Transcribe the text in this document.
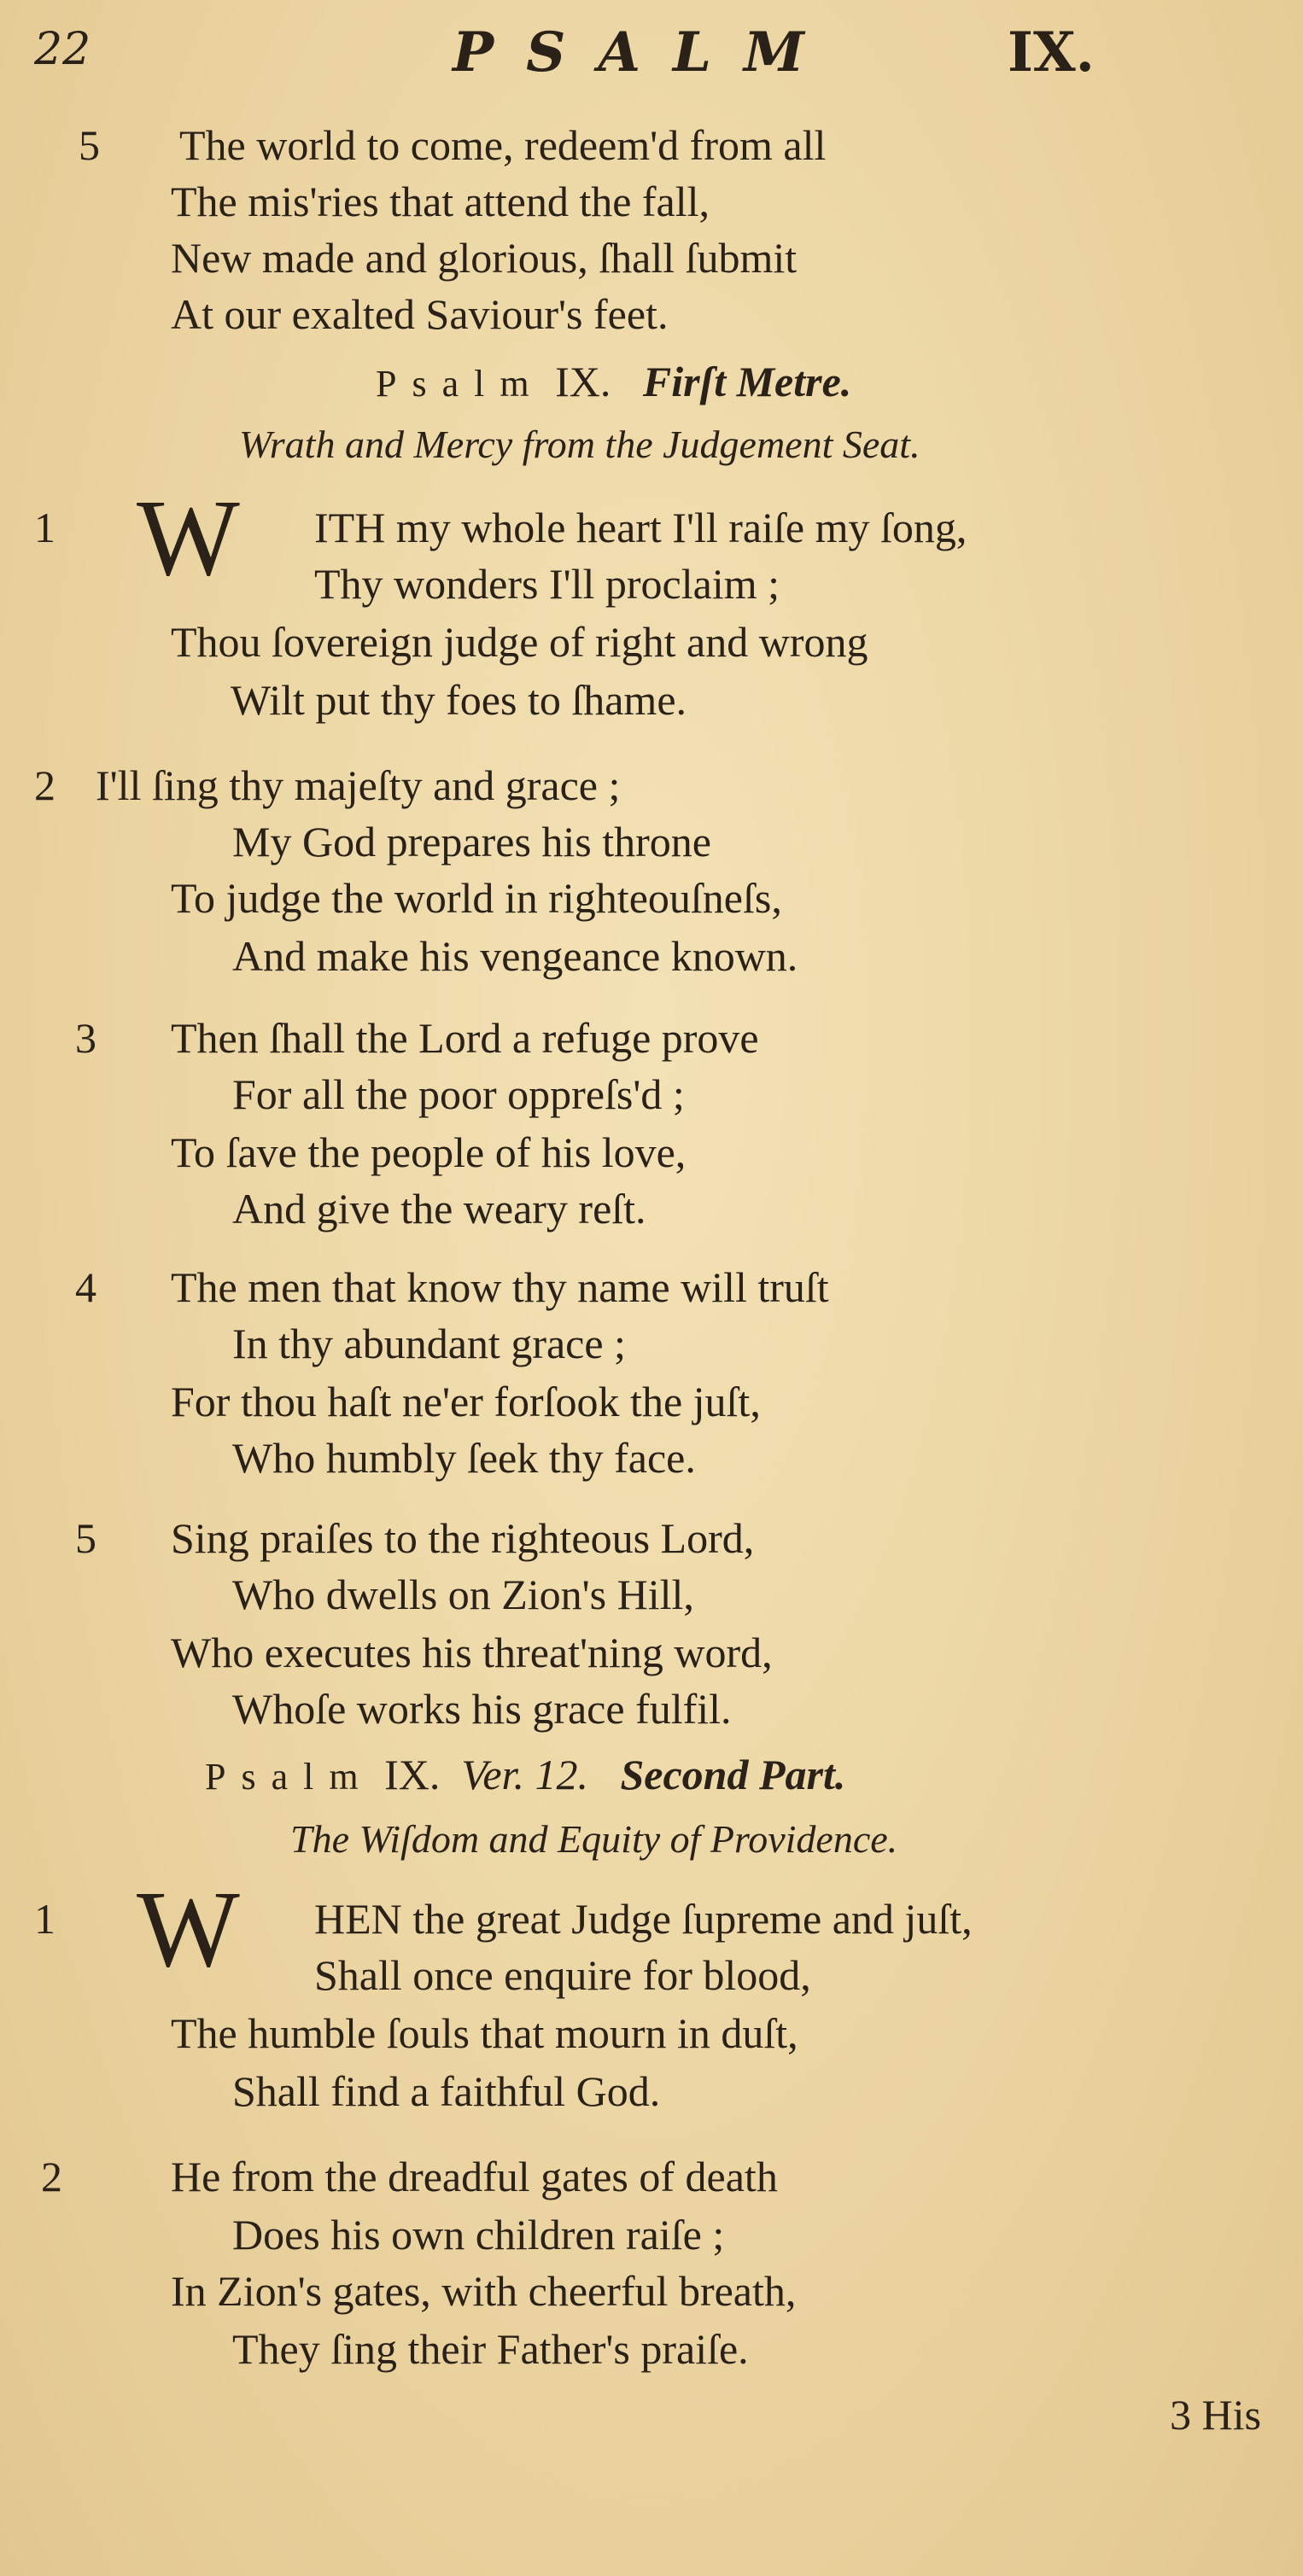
22	PSALM	IX.
5 The world to come, redeem'd from all
The mis'ries that attend the fall,
New made and glorious, ſhall ſubmit
At our exalted Saviour's feet.
Psalm IX. Firſt Metre.
Wrath and Mercy from the Judgement Seat.
1 W ITH my whole heart I'll raiſe my ſong,
Thy wonders I'll proclaim ;
Thou ſovereign judge of right and wrong
Wilt put thy foes to ſhame.
2 I'll ſing thy majeſty and grace ;
My God prepares his throne
To judge the world in righteouſneſs,
And make his vengeance known.
3 Then ſhall the Lord a refuge prove
For all the poor oppreſs'd ;
To ſave the people of his love,
And give the weary reſt.
4 The men that know thy name will truſt
In thy abundant grace ;
For thou haſt ne'er forſook the juſt,
Who humbly ſeek thy face.
5 Sing praiſes to the righteous Lord,
Who dwells on Zion's Hill,
Who executes his threat'ning word,
Whoſe works his grace fulfil.
Psalm IX. Ver. 12. Second Part.
The Wiſdom and Equity of Providence.
1 W HEN the great Judge ſupreme and juſt,
Shall once enquire for blood,
The humble ſouls that mourn in duſt,
Shall find a faithful God.
2	He from the dreadful gates of death
Does his own children raiſe ;
In Zion's gates, with cheerful breath,
They ſing their Father's praiſe.
3 His
